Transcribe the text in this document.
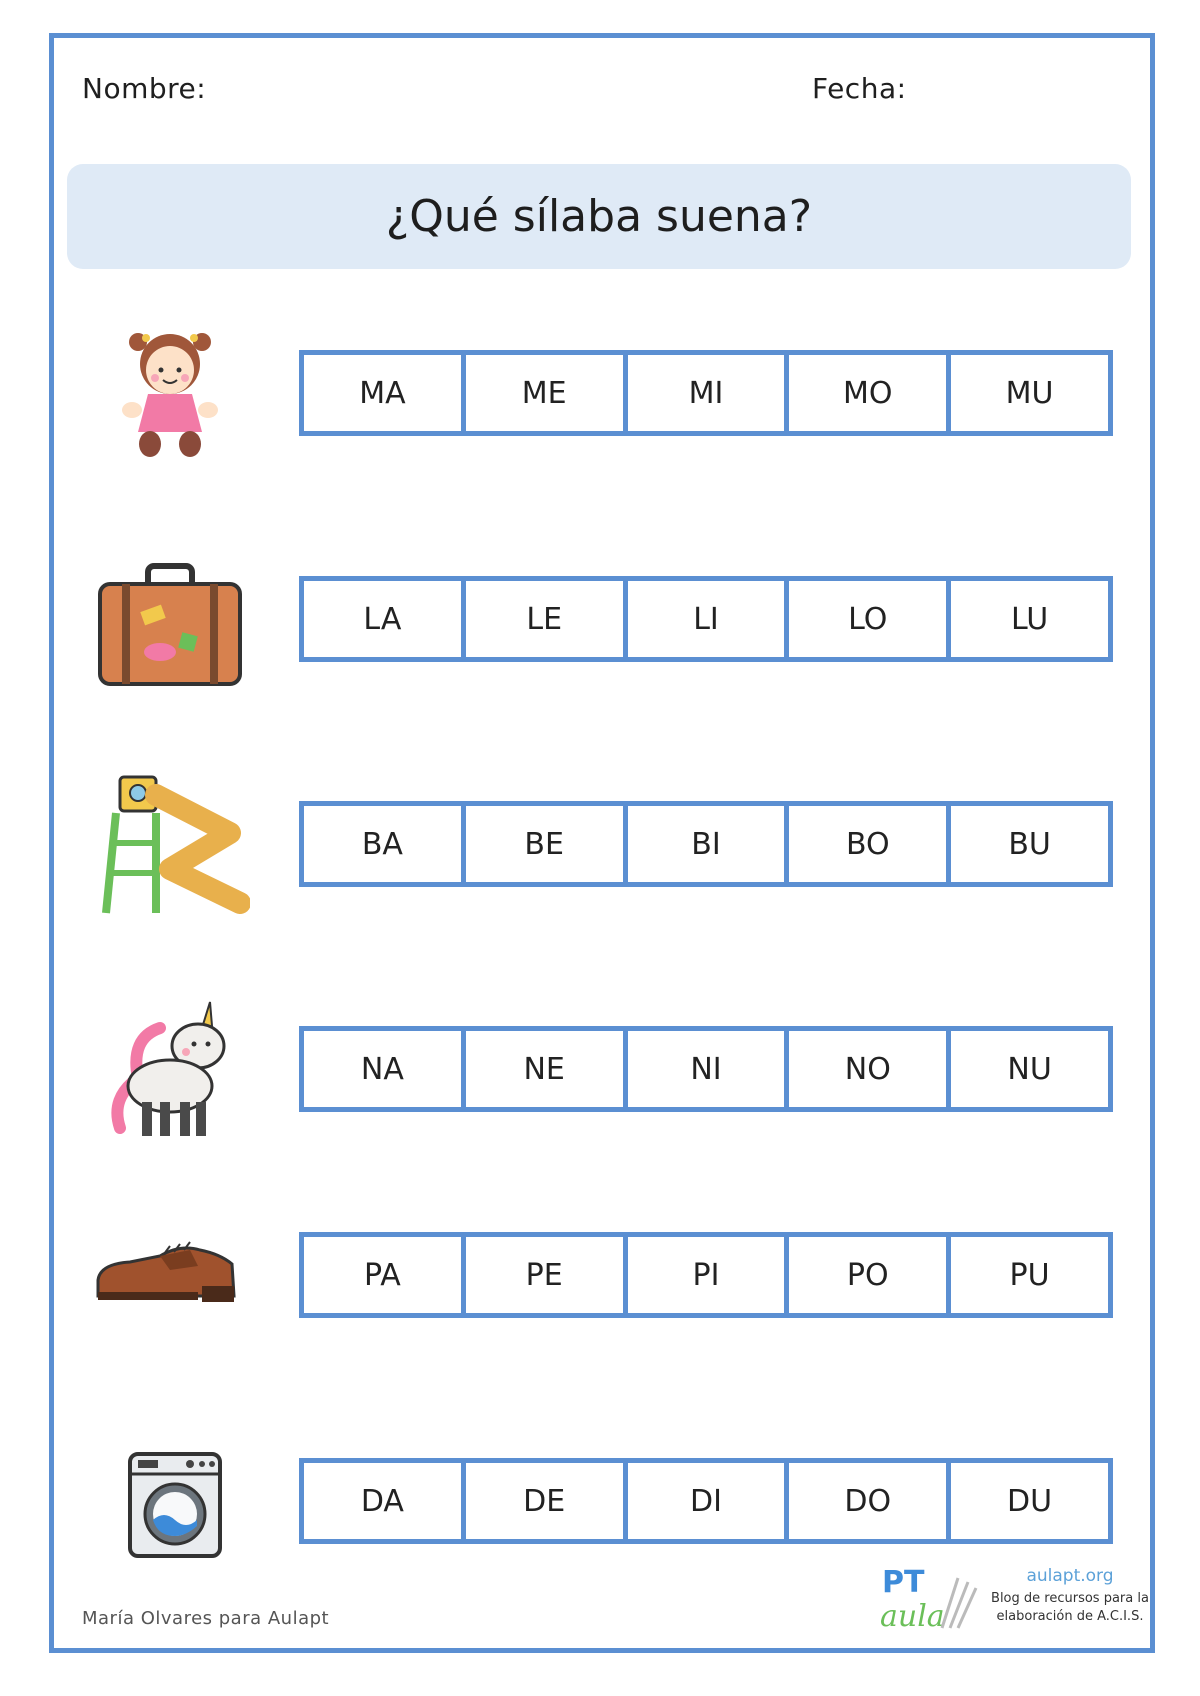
Nombre:	Fecha:
¿Qué sílaba suena?
MA	ME	MI	MO	MU
LA	LE	LI	LO	LU
BA	BE	BI	BO	BU
NA	NE	NI	NO	NU
PA	PE	PI	PO	PU
DA	DE	DI	DO	DU
María Olvares para Aulapt
PT
aula
aulapt.org
Blog de recursos para la
elaboración de A.C.I.S.
